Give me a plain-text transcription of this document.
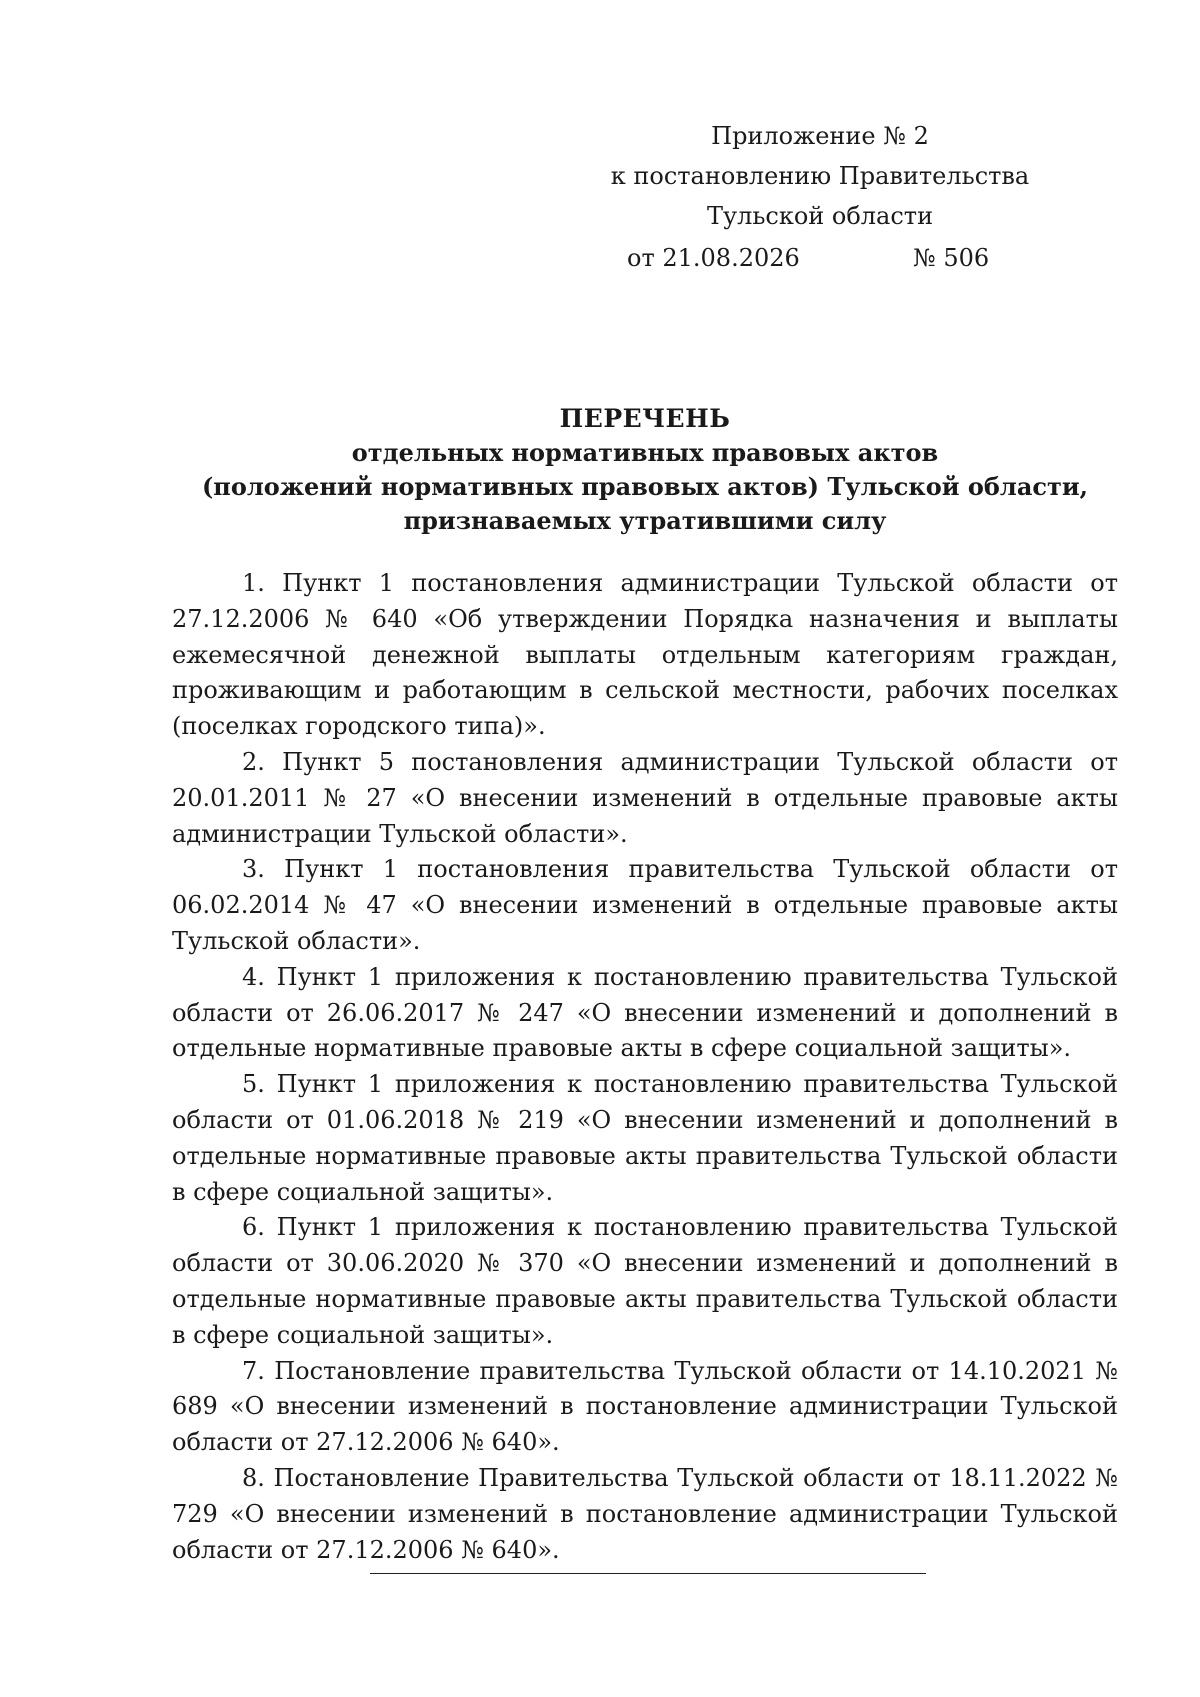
Приложение № 2
к постановлению Правительства
Тульской области
от 21.08.2026	№ 506
ПЕРЕЧЕНЬ
отдельных нормативных правовых актов
(положений нормативных правовых актов) Тульской области,
признаваемых утратившими силу

1. Пункт 1 постановления администрации Тульской области от 27.12.2006 № 640 «Об утверждении Порядка назначения и выплаты ежемесячной денежной выплаты отдельным категориям граждан, проживающим и работающим в сельской местности, рабочих поселках (поселках городского типа)».

2. Пункт 5 постановления администрации Тульской области от 20.01.2011 № 27 «О внесении изменений в отдельные правовые акты администрации Тульской области».

3. Пункт 1 постановления правительства Тульской области от 06.02.2014 № 47 «О внесении изменений в отдельные правовые акты Тульской области».

4. Пункт 1 приложения к постановлению правительства Тульской области от 26.06.2017 № 247 «О внесении изменений и дополнений в отдельные нормативные правовые акты в сфере социальной защиты».

5. Пункт 1 приложения к постановлению правительства Тульской области от 01.06.2018 № 219 «О внесении изменений и дополнений в отдельные нормативные правовые акты правительства Тульской области в сфере социальной защиты».

6. Пункт 1 приложения к постановлению правительства Тульской области от 30.06.2020 № 370 «О внесении изменений и дополнений в отдельные нормативные правовые акты правительства Тульской области в сфере социальной защиты».

7. Постановление правительства Тульской области от 14.10.2021 № 689 «О внесении изменений в постановление администрации Тульской области от 27.12.2006 № 640».

8. Постановление Правительства Тульской области от 18.11.2022 № 729 «О внесении изменений в постановление администрации Тульской области от 27.12.2006 № 640».
